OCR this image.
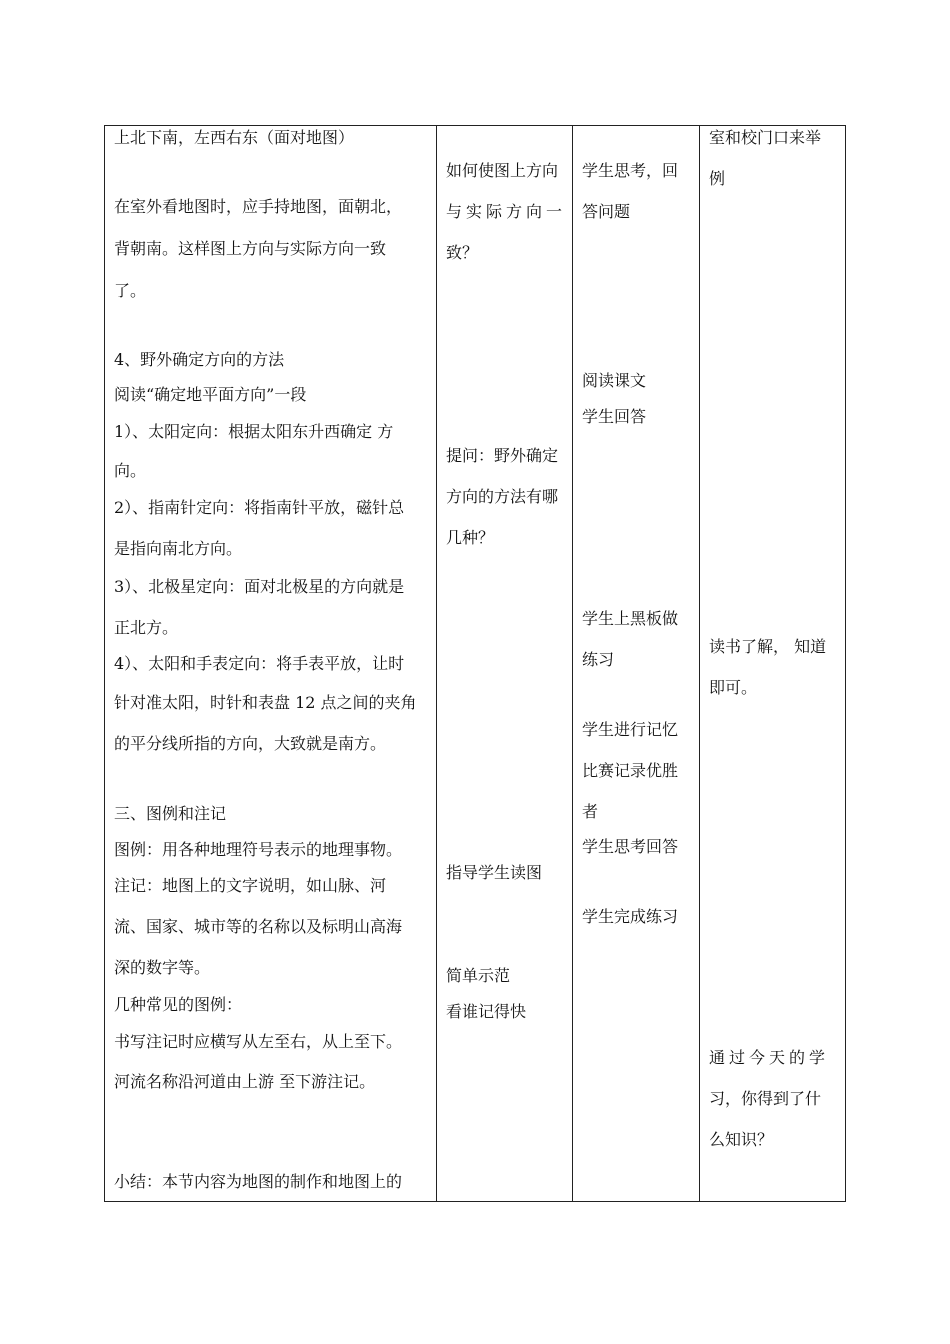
上北下南，左西右东（面对地图）
在室外看地图时，应手持地图，面朝北，
背朝南。这样图上方向与实际方向一致
了。
4、野外确定方向的方法
阅读“确定地平面方向”一段
1）、太阳定向：根据太阳东升西确定 方
向。
2）、指南针定向：将指南针平放，磁针总
是指向南北方向。
3）、北极星定向：面对北极星的方向就是
正北方。
4）、太阳和手表定向：将手表平放，让时
针对准太阳，时针和表盘 12 点之间的夹角
的平分线所指的方向，大致就是南方。
三、图例和注记
图例：用各种地理符号表示的地理事物。
注记：地图上的文字说明，如山脉、河
流、国家、城市等的名称以及标明山高海
深的数字等。
几种常见的图例：
书写注记时应横写从左至右，从上至下。
河流名称沿河道由上游 至下游注记。
小结：本节内容为地图的制作和地图上的
如何使图上方向
与实际方向一
致？
提问：野外确定
方向的方法有哪
几种？
指导学生读图
简单示范
看谁记得快
学生思考，回
答问题
阅读课文
学生回答
学生上黑板做
练习
学生进行记忆
比赛记录优胜
者
学生思考回答
学生完成练习
室和校门口来举
例
读书了解， 知道
即可。
通过今天的学
习，你得到了什
么知识？
